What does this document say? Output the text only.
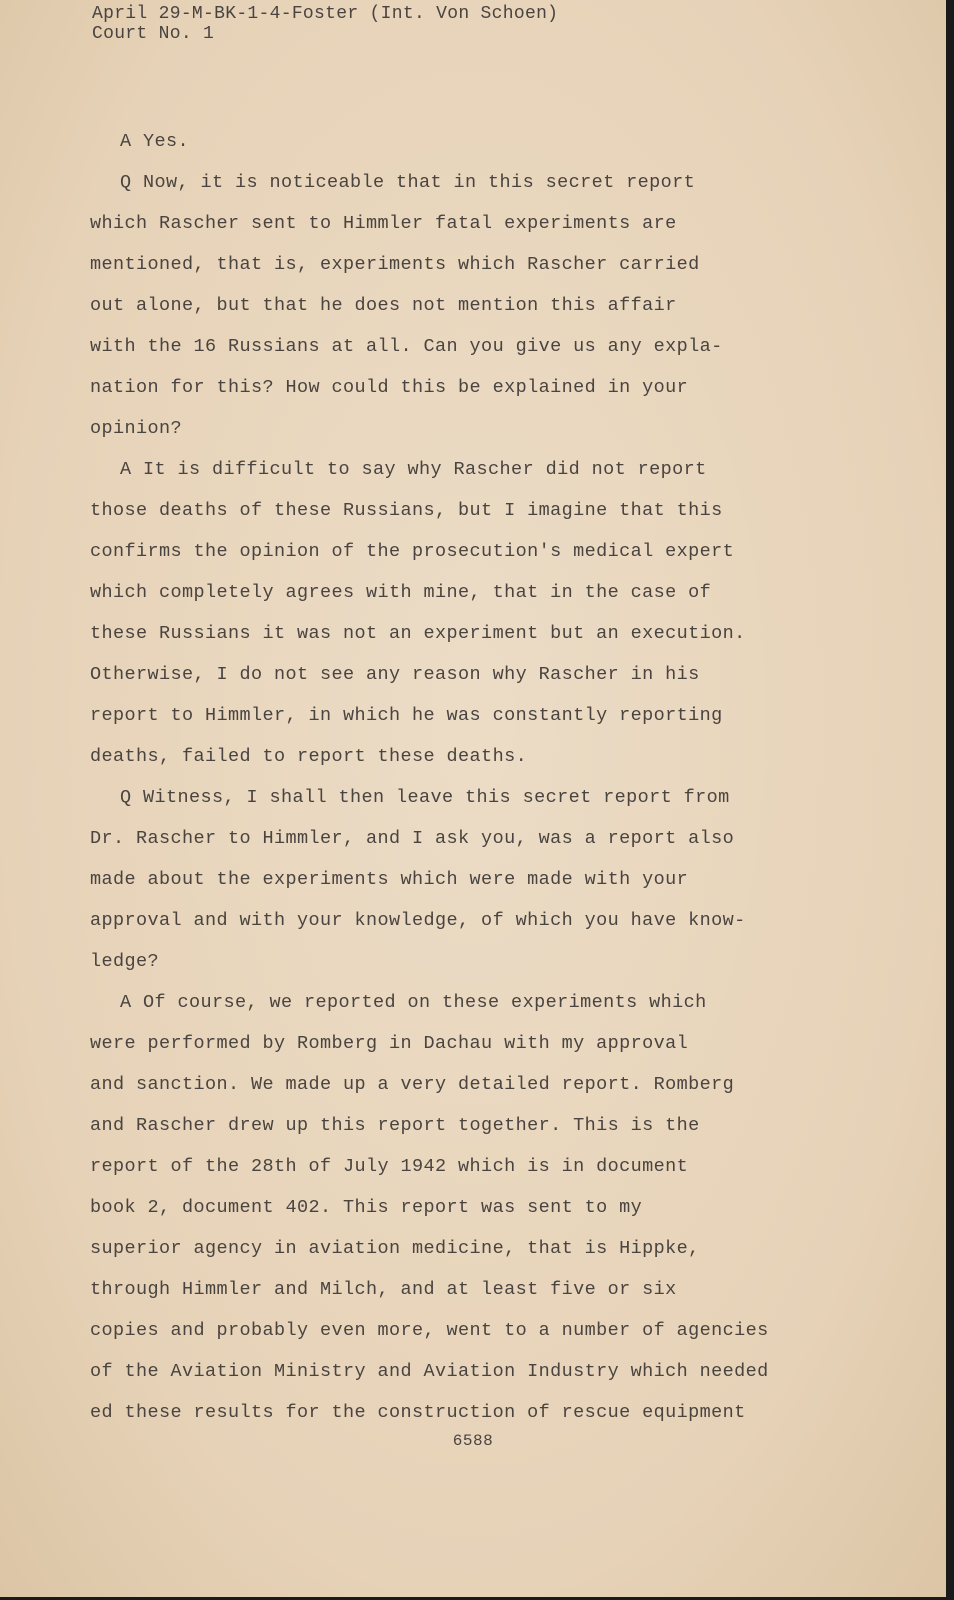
April 29-M-BK-1-4-Foster (Int. Von Schoen)
Court No. 1
A Yes.
Q Now, it is noticeable that in this secret report
which Rascher sent to Himmler fatal experiments are
mentioned, that is, experiments which Rascher carried
out alone, but that he does not mention this affair
with the 16 Russians at all. Can you give us any expla-
nation for this? How could this be explained in your
opinion?
A It is difficult to say why Rascher did not report
those deaths of these Russians, but I imagine that this
confirms the opinion of the prosecution's medical expert
which completely agrees with mine, that in the case of
these Russians it was not an experiment but an execution.
Otherwise, I do not see any reason why Rascher in his
report to Himmler, in which he was constantly reporting
deaths, failed to report these deaths.
Q Witness, I shall then leave this secret report from
Dr. Rascher to Himmler, and I ask you, was a report also
made about the experiments which were made with your
approval and with your knowledge, of which you have know-
ledge?
A Of course, we reported on these experiments which
were performed by Romberg in Dachau with my approval
and sanction. We made up a very detailed report. Romberg
and Rascher drew up this report together. This is the
report of the 28th of July 1942 which is in document
book 2, document 402. This report was sent to my
superior agency in aviation medicine, that is Hippke,
through Himmler and Milch, and at least five or six
copies and probably even more, went to a number of agencies
of the Aviation Ministry and Aviation Industry which needed
ed these results for the construction of rescue equipment
6588
